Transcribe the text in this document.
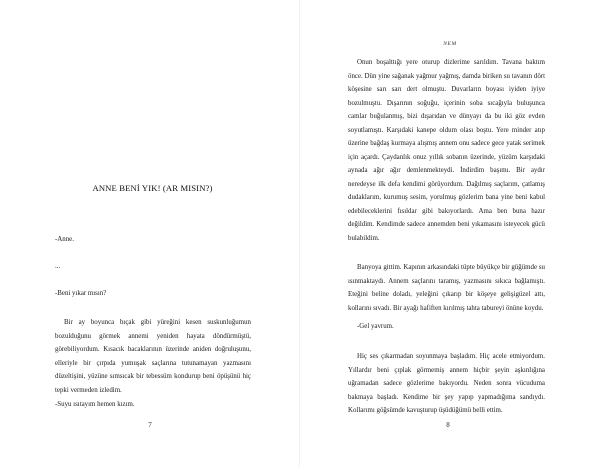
ANNE BENİ YIK! (AR MISIN?)
-Anne.
...
-Beni yıkar mısın?
Bir ay boyunca bıçak gibi yüreğini kesen suskunluğumun bozulduğunu görmek annemi yeniden hayata döndürmüştü, görebiliyordum. Kısacık bacaklarının üzerinde aniden doğruluşunu, elleriyle bir çırpıda yumuşak saçlarına tutunamayan yazmasını düzeltişini, yüzüne sımsıcak bir tebessüm kondurup beni öpüşünü hiç tepki vermeden izledim.
-Suyu ısıtayım hemen kızım.
7
NEM
Onun boşalttığı yere oturup dizlerime sarıldım. Tavana baktım önce. Dün yine sağanak yağmur yağmış, damda biriken su tavanın dört köşesine sarı sarı dert olmuştu. Duvarların boyası iyiden iyiye bozulmuştu. Dışarının soğuğu, içerinin soba sıcağıyla buluşunca camlar buğulanmış, bizi dışarıdan ve dünyayı da bu iki göz evden soyutlamıştı. Karşıdaki kanepe oldum olası boştu. Yere minder atıp üzerine bağdaş kurmaya alışmış annem onu sadece gece yatak serimek için açardı. Çaydanlık onuz yıllık sobanın üzerinde, yüzüm karşıdaki aynada ağır ağır demlenmekteydi. İndirdim başımı. Bir aydır neredeyse ilk defa kendimi görüyordum. Dağılmış saçlarım, çatlamış dudaklarım, kurumuş sesim, yorulmuş gözlerim bana yine beni kabul edebileceklerini fısıldar gibi bakıyorlardı. Ama ben buna hazır değildim. Kendimde sadece annemden beni yıkamasını isteyecek gücü bulabildim.
Banyoya gittim. Kapının arkasındaki tüpte büyükçe bir güğümde su ısınmaktaydı. Annem saçlarını taramış, yazmasını sıkıca bağlamıştı. Eteğini beline doladı, yeleğini çıkarıp bir köşeye gelişigüzel attı, kollarını sıvadı. Bir ayağı hafiften kırılmış tahta tabureyi önüne koydu.
-Gel yavrum.
Hiç ses çıkarmadan soyunmaya başladım. Hiç acele etmiyordum. Yıllardır beni çıplak görmemiş annem hiçbir şeyin aşkınlığına uğramadan sadece gözlerime bakıyordu. Neden sonra vücuduma bakmaya başladı. Kendime bir şey yapıp yapmadığıma sandıydı. Kollarımı göğsümde kavuşturup üşüdüğümü belli ettim.
8
